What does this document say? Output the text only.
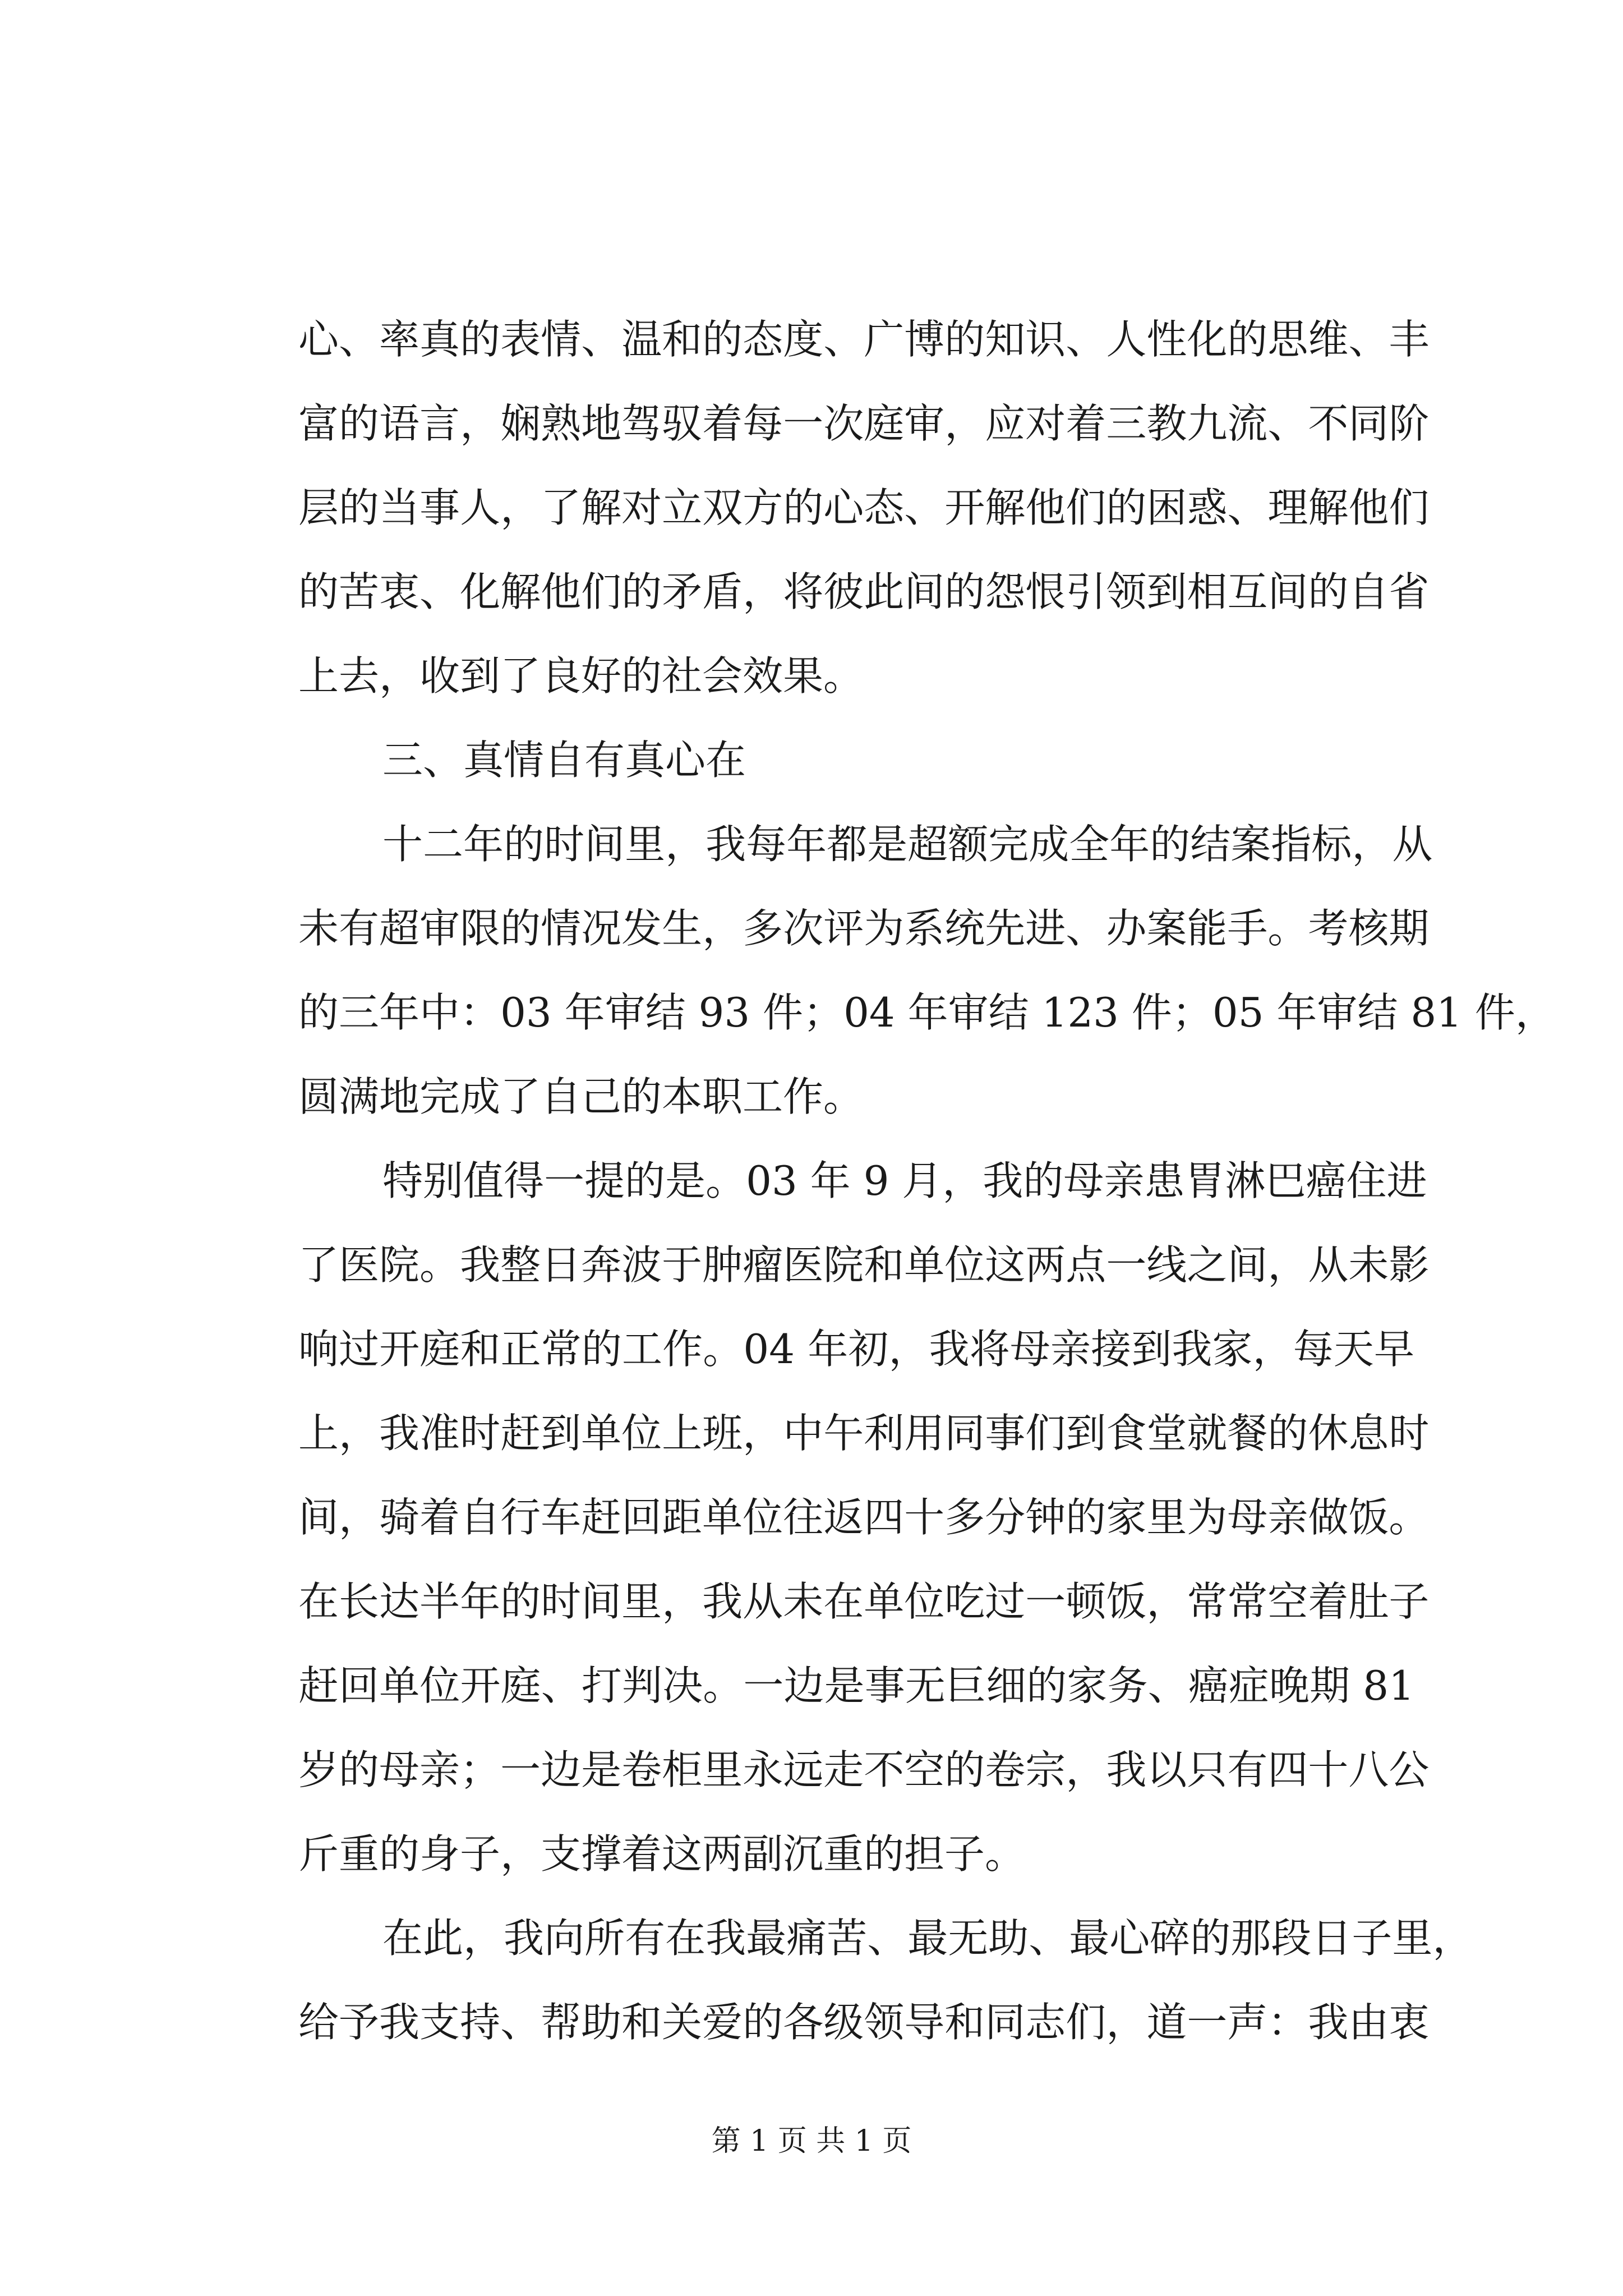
心 、 率 真 的 表 情 、 温 和 的 态 度 、 广 博 的 知 识 、 人 性 化 的 思 维 、 丰
富 的 语 言 ， 娴 熟 地 驾 驭 着 每 一 次 庭 审 ， 应 对 着 三 教 九 流 、 不 同 阶
层 的 当 事 人 ， 了 解 对 立 双 方 的 心 态 、 开 解 他 们 的 困 惑 、 理 解 他 们
的 苦 衷 、 化 解 他 们 的 矛 盾 ， 将 彼 此 间 的 怨 恨 引 领 到 相 互 间 的 自 省
上去，收到了良好的社会效果。
三、真情自有真心在
十 二 年 的 时 间 里 ， 我 每 年 都 是 超 额 完 成 全 年 的 结 案 指 标 ， 从
未 有 超 审 限 的 情 况 发 生 ， 多 次 评 为 系 统 先 进 、 办 案 能 手 。 考 核 期
的 三 年 中 ： 0 3
年 审 结
9 3
件 ； 0 4
年 审 结
1 2 3
件 ； 0 5
年 审 结
8 1
件 ，
圆满地完成了自己的本职工作。
特 别 值 得 一 提 的 是 。 0 3
年
9
月 ， 我 的 母 亲 患 胃 淋 巴 癌 住 进
了 医 院 。 我 整 日 奔 波 于 肿 瘤 医 院 和 单 位 这 两 点 一 线 之 间 ， 从 未 影
响 过 开 庭 和 正 常 的 工 作 。 0 4
年 初 ， 我 将 母 亲 接 到 我 家 ， 每 天 早
上 ， 我 准 时 赶 到 单 位 上 班 ， 中 午 利 用 同 事 们 到 食 堂 就 餐 的 休 息 时
间 ， 骑 着 自 行 车 赶 回 距 单 位 往 返 四 十 多 分 钟 的 家 里 为 母 亲 做 饭 。
在 长 达 半 年 的 时 间 里 ， 我 从 未 在 单 位 吃 过 一 顿 饭 ， 常 常 空 着 肚 子
赶 回 单 位 开 庭 、 打 判 决 。 一 边 是 事 无 巨 细 的 家 务 、 癌 症 晚 期
8 1
岁 的 母 亲 ； 一 边 是 卷 柜 里 永 远 走 不 空 的 卷 宗 ， 我 以 只 有 四 十 八 公
斤重的身子，支撑着这两副沉重的担子。
在 此 ， 我 向 所 有 在 我 最 痛 苦 、 最 无 助 、 最 心 碎 的 那 段 日 子 里 ，
给 予 我 支 持 、 帮 助 和 关 爱 的 各 级 领 导 和 同 志 们 ， 道 一 声 ： 我 由 衷
第 1 页 共 1 页
